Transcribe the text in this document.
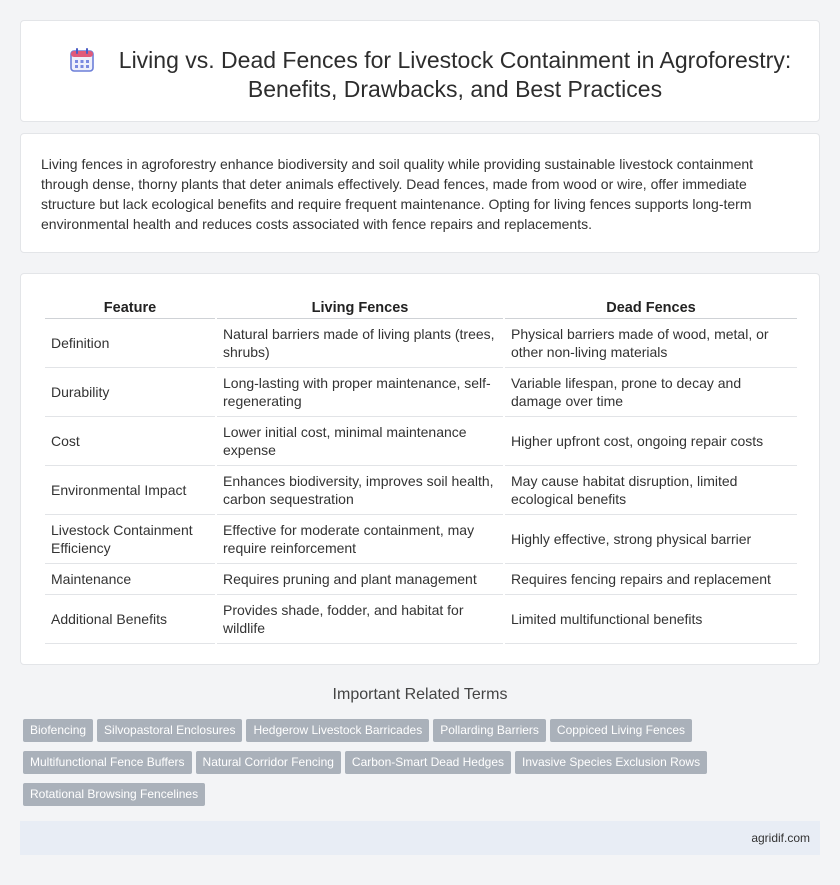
Living vs. Dead Fences for Livestock Containment in Agroforestry: Benefits, Drawbacks, and Best Practices

Living fences in agroforestry enhance biodiversity and soil quality while providing sustainable livestock containment through dense, thorny plants that deter animals effectively. Dead fences, made from wood or wire, offer immediate structure but lack ecological benefits and require frequent maintenance. Opting for living fences supports long-term environmental health and reduces costs associated with fence repairs and replacements.

Feature	Living Fences	Dead Fences
Definition	Natural barriers made of living plants (trees, shrubs)	Physical barriers made of wood, metal, or other non-living materials
Durability	Long-lasting with proper maintenance, self-regenerating	Variable lifespan, prone to decay and damage over time
Cost	Lower initial cost, minimal maintenance expense	Higher upfront cost, ongoing repair costs
Environmental Impact	Enhances biodiversity, improves soil health, carbon sequestration	May cause habitat disruption, limited ecological benefits
Livestock Containment Efficiency	Effective for moderate containment, may require reinforcement	Highly effective, strong physical barrier
Maintenance	Requires pruning and plant management	Requires fencing repairs and replacement
Additional Benefits	Provides shade, fodder, and habitat for wildlife	Limited multifunctional benefits
Important Related Terms
Biofencing Silvopastoral Enclosures Hedgerow Livestock Barricades Pollarding Barriers Coppiced Living FencesMultifunctional Fence Buffers Natural Corridor Fencing Carbon-Smart Dead Hedges Invasive Species Exclusion RowsRotational Browsing Fencelines
agridif.com
